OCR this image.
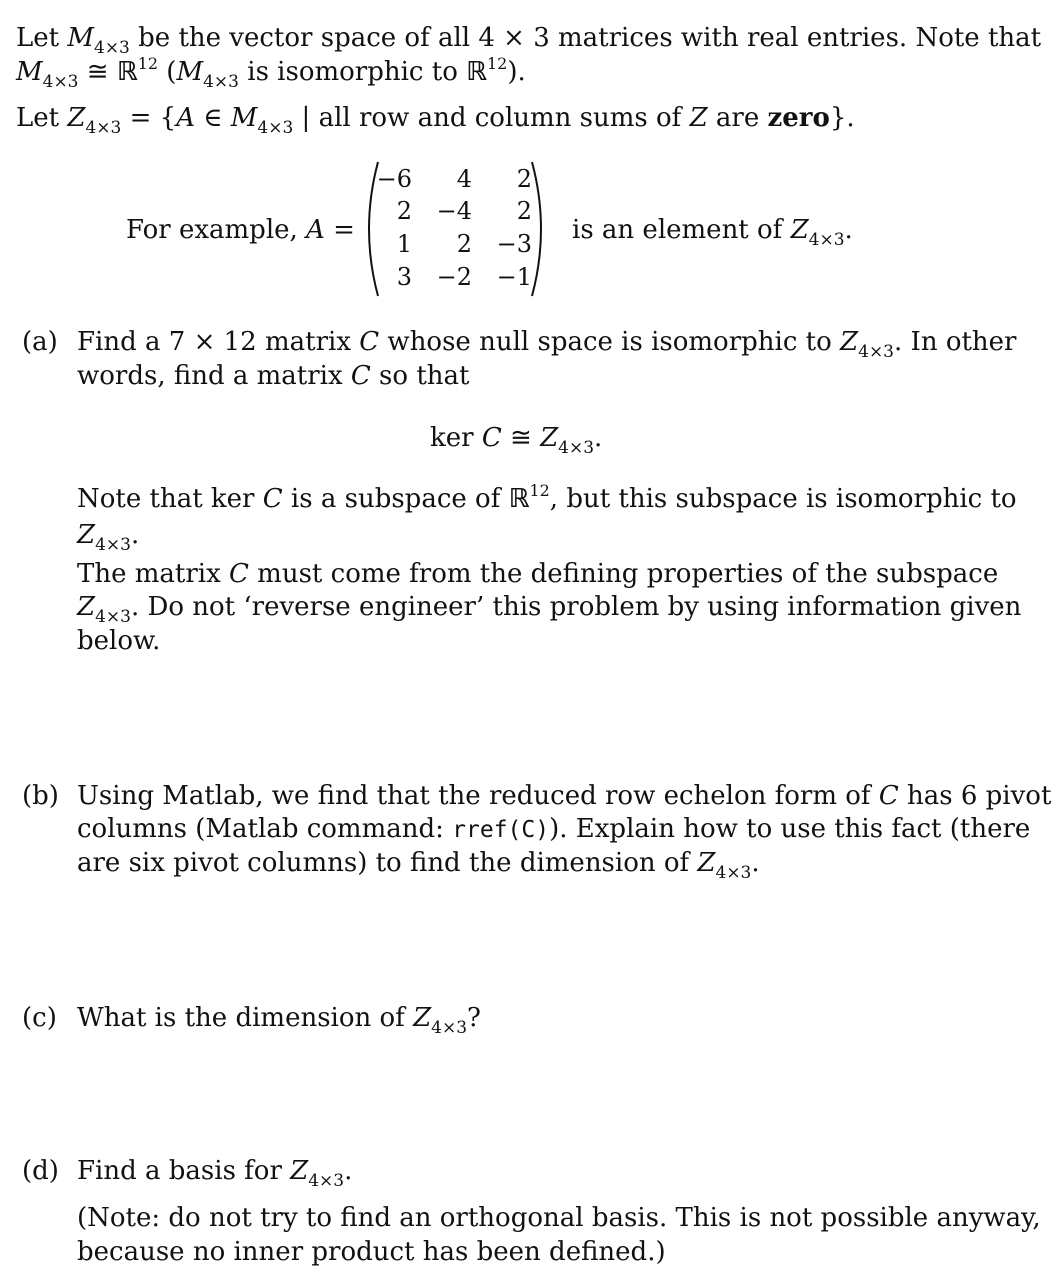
Let $M_{4\times 3}$ be the vector space of all 4 × 3 matrices with real entries. Note that
$M_{4\times 3}$ ≅ ℝ$^{12}$ ($M_{4\times 3}$ is isomorphic to ℝ$^{12}$).
Let $Z_{4\times 3} = \{A$ ∈ $M_{4\times 3}$ | all row and column sums of Z are zero}.
For example, A =
−6	4	2
2	−4	2
1	2	−3
3	−2	−1
is an element of $Z_{4\times 3}$.
(a) Find a 7 × 12 matrix C whose null space is isomorphic to $Z_{4\times 3}$. In other
words, find a matrix C so that
ker C ≅ $Z_{4\times 3}$.
Note that ker C is a subspace of ℝ$^{12}$, but this subspace is isomorphic to
$Z_{4\times 3}$.
The matrix C must come from the defining properties of the subspace
$Z_{4\times 3}$. Do not ‘reverse engineer’ this problem by using information given
below.
(b) Using Matlab, we find that the reduced row echelon form of C has 6 pivot
columns (Matlab command: rref(C)). Explain how to use this fact (there
are six pivot columns) to find the dimension of $Z_{4\times 3}$.
(c) What is the dimension of $Z_{4\times 3}$?
(d) Find a basis for $Z_{4\times 3}$.
(Note: do not try to find an orthogonal basis. This is not possible anyway,
because no inner product has been defined.)
